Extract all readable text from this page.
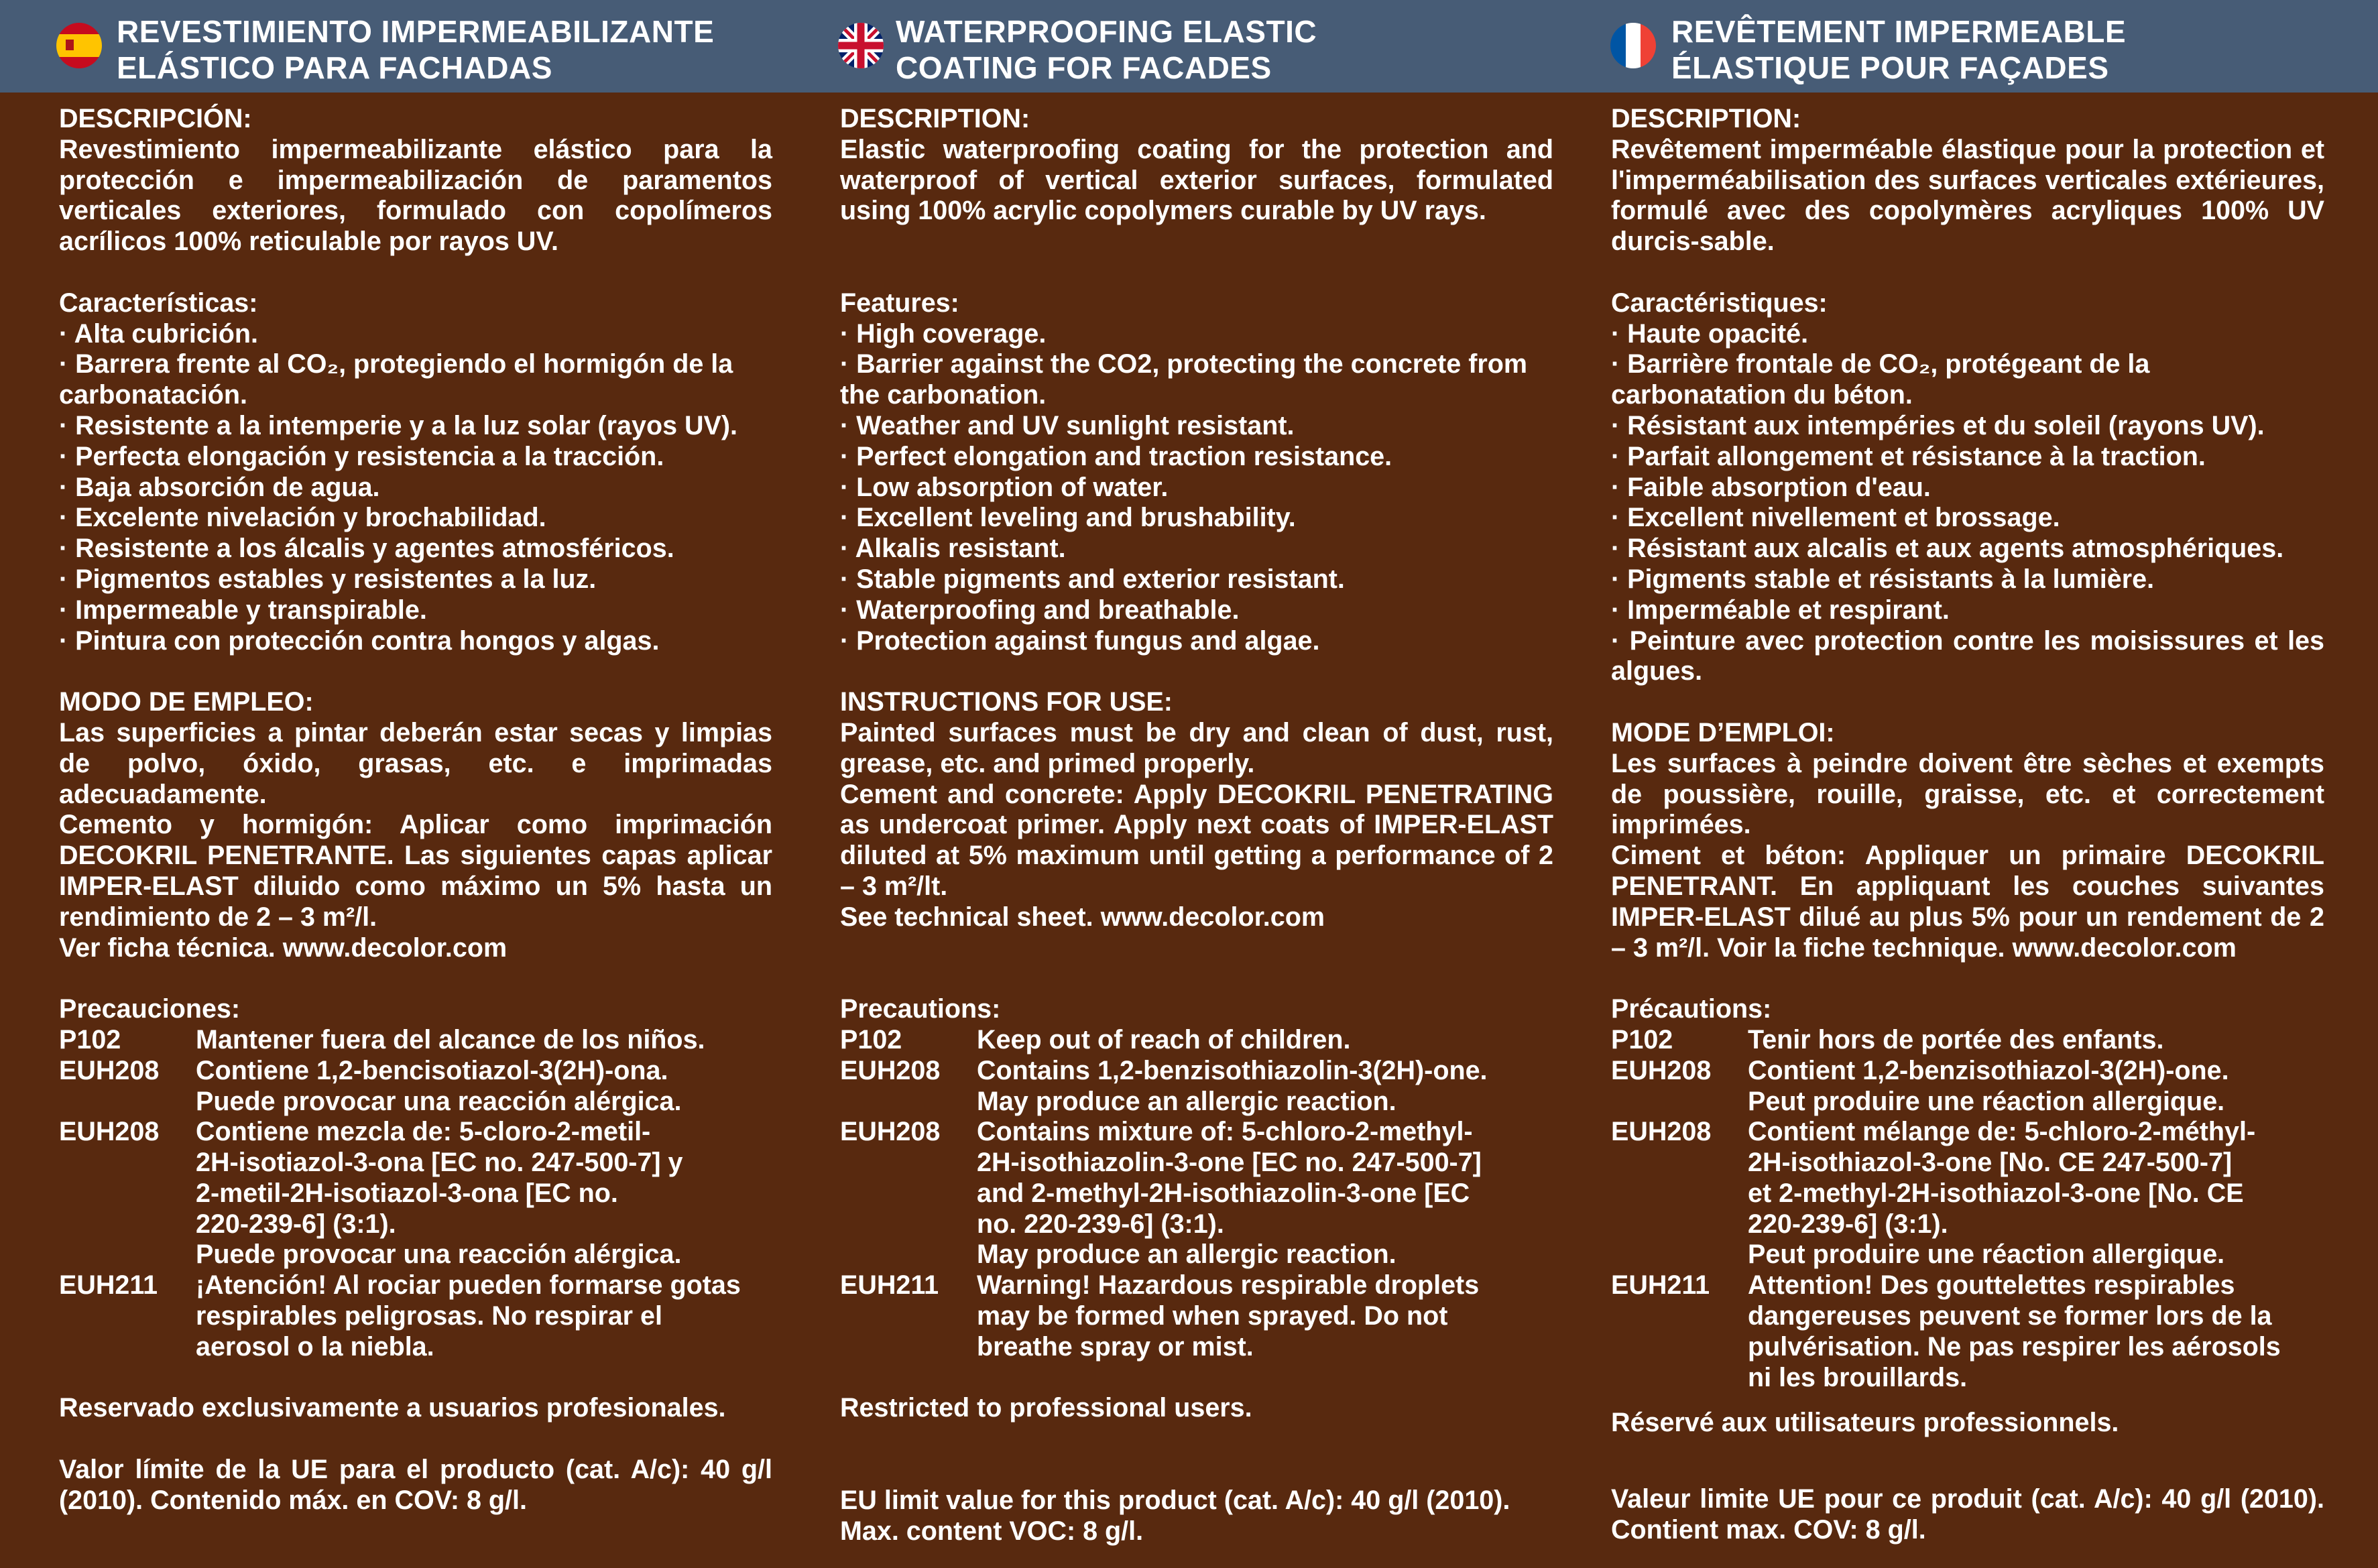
REVESTIMIENTO IMPERMEABILIZANTE
ELÁSTICO PARA FACHADAS
WATERPROOFING ELASTIC
COATING FOR FACADES
REVÊTEMENT IMPERMEABLE
ÉLASTIQUE POUR FAÇADES
DESCRIPCIÓN:
Revestimiento impermeabilizante elástico para la protección e impermeabilización de paramentos verticales exteriores, formulado con copolímeros acrílicos 100% reticulable por rayos UV.
Características:
· Alta cubrición.
· Barrera frente al CO₂, protegiendo el hormigón de la carbonatación.
· Resistente a la intemperie y a la luz solar (rayos UV).
· Perfecta elongación y resistencia a la tracción.
· Baja absorción de agua.
· Excelente nivelación y brochabilidad.
· Resistente a los álcalis y agentes atmosféricos.
· Pigmentos estables y resistentes a la luz.
· Impermeable y transpirable.
· Pintura con protección contra hongos y algas.
MODO DE EMPLEO:
Las superficies a pintar deberán estar secas y limpias de polvo, óxido, grasas, etc. e imprimadas adecuadamente.
Cemento y hormigón: Aplicar como imprimación DECOKRIL PENETRANTE. Las siguientes capas aplicar IMPER-ELAST diluido como máximo un 5% hasta un rendimiento de 2 – 3 m²/l.
Ver ficha técnica. www.decolor.com
Precauciones:
P102	Mantener fuera del alcance de los niños.
EUH208	Contiene 1,2-bencisotiazol-3(2H)-ona.
Puede provocar una reacción alérgica.
EUH208	Contiene mezcla de: 5-cloro-2-metil-
2H-isotiazol-3-ona [EC no. 247-500-7] y
2-metil-2H-isotiazol-3-ona [EC no.
220-239-6] (3:1).
Puede provocar una reacción alérgica.
EUH211	¡Atención! Al rociar pueden formarse gotas
respirables peligrosas. No respirar el
aerosol o la niebla.
Reservado exclusivamente a usuarios profesionales.
Valor límite de la UE para el producto (cat. A/c): 40 g/l (2010). Contenido máx. en COV: 8 g/l.
DESCRIPTION:
Elastic waterproofing coating for the protection and waterproof of vertical exterior surfaces, formulated using 100% acrylic copolymers curable by UV rays.
Features:
· High coverage.
· Barrier against the CO2, protecting the concrete from the carbonation.
· Weather and UV sunlight resistant.
· Perfect elongation and traction resistance.
· Low absorption of water.
· Excellent leveling and brushability.
· Alkalis resistant.
· Stable pigments and exterior resistant.
· Waterproofing and breathable.
· Protection against fungus and algae.
INSTRUCTIONS FOR USE:
Painted surfaces must be dry and clean of dust, rust, grease, etc. and primed properly.
Cement and concrete: Apply DECOKRIL PENETRATING as undercoat primer. Apply next coats of IMPER-ELAST diluted at 5% maximum until getting a performance of 2 – 3 m²/lt.
See technical sheet. www.decolor.com
Precautions:
P102	Keep out of reach of children.
EUH208	Contains 1,2-benzisothiazolin-3(2H)-one.
May produce an allergic reaction.
EUH208	Contains mixture of: 5-chloro-2-methyl-
2H-isothiazolin-3-one [EC no. 247-500-7]
and 2-methyl-2H-isothiazolin-3-one [EC
no. 220-239-6] (3:1).
May produce an allergic reaction.
EUH211	Warning! Hazardous respirable droplets
may be formed when sprayed. Do not
breathe spray or mist.
Restricted to professional users.
EU limit value for this product (cat. A/c): 40 g/l (2010). Max. content VOC: 8 g/l.
DESCRIPTION:
Revêtement imperméable élastique pour la protection et l'imperméabilisation des surfaces verticales extérieures, formulé avec des copolymères acryliques 100% UV durcis-sable.
Caractéristiques:
· Haute opacité.
· Barrière frontale de CO₂, protégeant de la carbonatation du béton.
· Résistant aux intempéries et du soleil (rayons UV).
· Parfait allongement et résistance à la traction.
· Faible absorption d'eau.
· Excellent nivellement et brossage.
· Résistant aux alcalis et aux agents atmosphériques.
· Pigments stable et résistants à la lumière.
· Imperméable et respirant.
· Peinture avec protection contre les moisissures et les algues.
MODE D’EMPLOI:
Les surfaces à peindre doivent être sèches et exempts de poussière, rouille, graisse, etc. et correctement imprimées.
Ciment et béton: Appliquer un primaire DECOKRIL PENETRANT. En appliquant les couches suivantes IMPER-ELAST dilué au plus 5% pour un rendement de 2 – 3 m²/l. Voir la fiche technique. www.decolor.com
Précautions:
P102	Tenir hors de portée des enfants.
EUH208	Contient 1,2-benzisothiazol-3(2H)-one.
Peut produire une réaction allergique.
EUH208	Contient mélange de: 5-chloro-2-méthyl-
2H-isothiazol-3-one [No. CE 247-500-7]
et 2-methyl-2H-isothiazol-3-one [No. CE
220-239-6] (3:1).
Peut produire une réaction allergique.
EUH211	Attention! Des gouttelettes respirables
dangereuses peuvent se former lors de la
pulvérisation. Ne pas respirer les aérosols
ni les brouillards.
Réservé aux utilisateurs professionnels.
Valeur limite UE pour ce produit (cat. A/c): 40 g/l (2010). Contient max. COV: 8 g/l.
